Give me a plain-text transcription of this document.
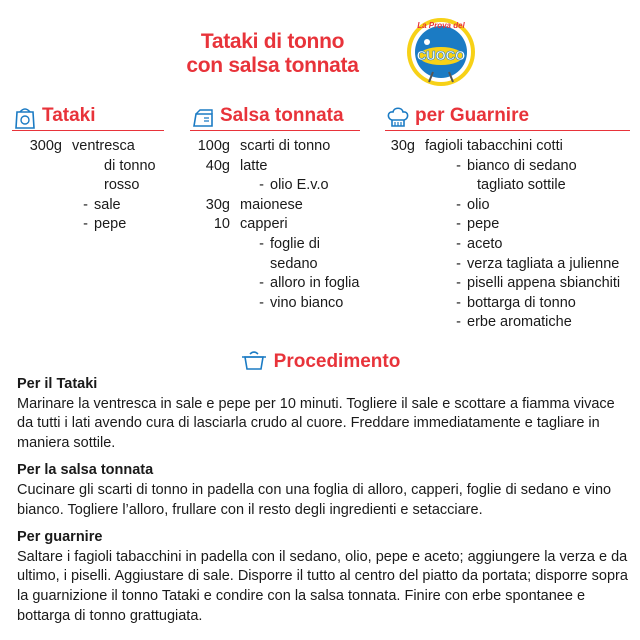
Tataki di tonno
con salsa tonnata
La Prova del
CUOCO
Tataki
300g ventresca
di tonno rosso
- sale
- pepe
Salsa tonnata
100g scarti di tonno
40g latte
- olio E.v.o
30g maionese
10 capperi
- foglie di sedano
- alloro in foglia
- vino bianco
per Guarnire
30g fagioli tabacchini cotti
- bianco di sedano
tagliato sottile
- olio
- pepe
- aceto
- verza tagliata a julienne
- piselli appena sbianchiti
- bottarga di tonno
- erbe aromatiche
Procedimento
Per il Tataki

Marinare la ventresca in sale e pepe per 10 minuti. Togliere il sale e scottare a fiamma vivace da tutti i lati avendo cura di lasciarla crudo al cuore. Freddare immediatamente e tagliare in maniera sottile.

Per la salsa tonnata

Cucinare gli scarti di tonno in padella con una foglia di alloro, capperi, foglie di sedano e vino bianco. Togliere l’alloro, frullare con il resto degli ingredienti e setacciare.

Per guarnire

Saltare i fagioli tabacchini in padella con il sedano, olio, pepe e aceto; aggiungere la verza e da ultimo, i piselli. Aggiustare di sale. Disporre il tutto al centro del piatto da portata; disporre sopra la guarnizione il tonno Tataki e condire con la salsa tonnata. Finire con erbe spontanee e bottarga di tonno grattugiata.
